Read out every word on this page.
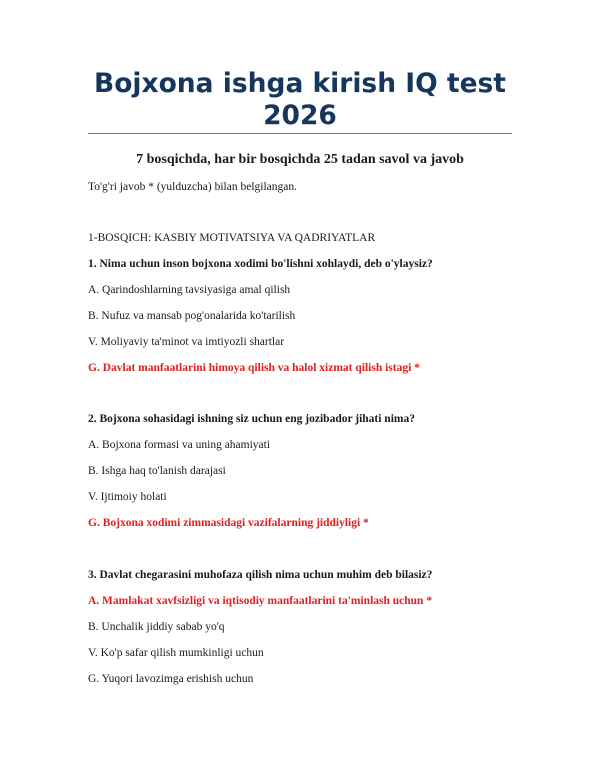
Bojxona ishga kirish IQ test
2026
7 bosqichda, har bir bosqichda 25 tadan savol va javob
To'g'ri javob * (yulduzcha) bilan belgilangan.
1-BOSQICH: KASBIY MOTIVATSIYA VA QADRIYATLAR
1. Nima uchun inson bojxona xodimi bo'lishni xohlaydi, deb o'ylaysiz?
A. Qarindoshlarning tavsiyasiga amal qilish
B. Nufuz va mansab pog'onalarida ko'tarilish
V. Moliyaviy ta'minot va imtiyozli shartlar
G. Davlat manfaatlarini himoya qilish va halol xizmat qilish istagi *
2. Bojxona sohasidagi ishning siz uchun eng jozibador jihati nima?
A. Bojxona formasi va uning ahamiyati
B. Ishga haq to'lanish darajasi
V. Ijtimoiy holati
G. Bojxona xodimi zimmasidagi vazifalarning jiddiyligi *
3. Davlat chegarasini muhofaza qilish nima uchun muhim deb bilasiz?
A. Mamlakat xavfsizligi va iqtisodiy manfaatlarini ta'minlash uchun *
B. Unchalik jiddiy sabab yo'q
V. Ko'p safar qilish mumkinligi uchun
G. Yuqori lavozimga erishish uchun
